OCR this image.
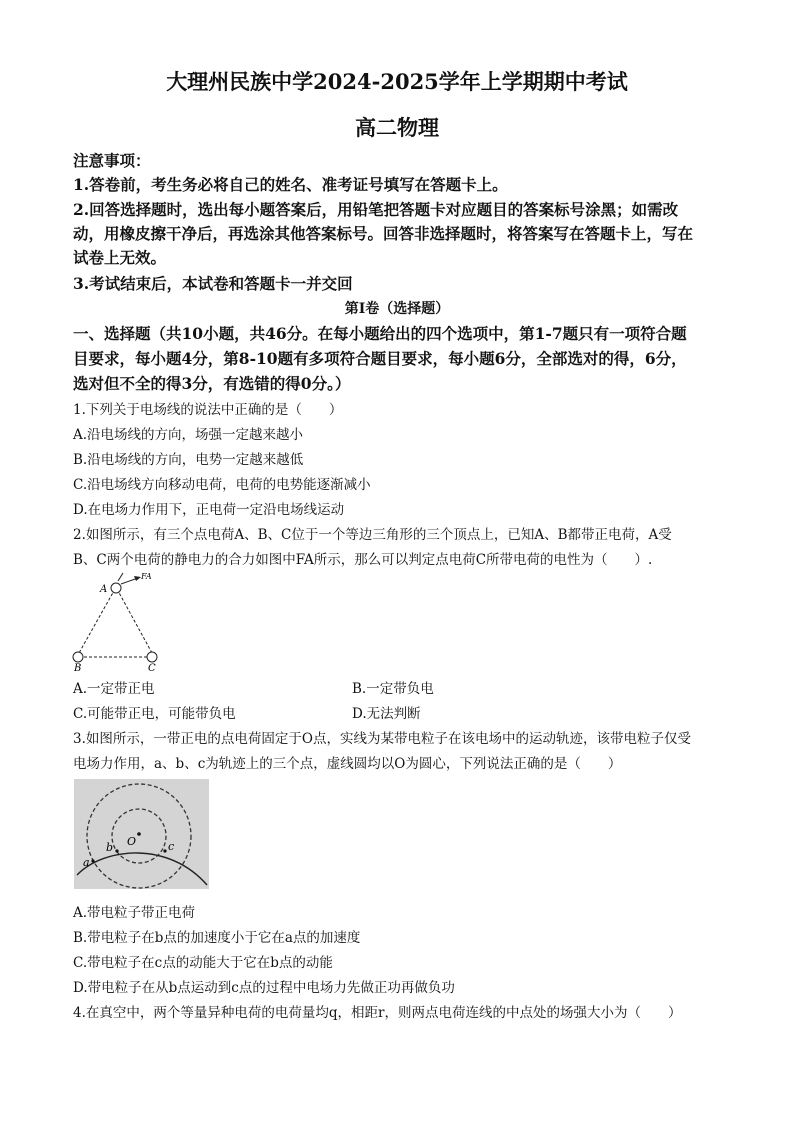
大理州民族中学2024-2025学年上学期期中考试
高二物理
注意事项：
1.答卷前，考生务必将自己的姓名、准考证号填写在答题卡上。
2.回答选择题时，选出每小题答案后，用铅笔把答题卡对应题目的答案标号涂黑；如需改
动，用橡皮擦干净后，再选涂其他答案标号。回答非选择题时，将答案写在答题卡上，写在
试卷上无效。
3.考试结束后，本试卷和答题卡一并交回
第Ⅰ卷（选择题）
一、选择题（共10小题，共46分。在每小题给出的四个选项中，第1-7题只有一项符合题
目要求，每小题4分，第8-10题有多项符合题目要求，每小题6分，全部选对的得，6分，
选对但不全的得3分，有选错的得0分。）
1.下列关于电场线的说法中正确的是（　　）
A.沿电场线的方向，场强一定越来越小
B.沿电场线的方向，电势一定越来越低
C.沿电场线方向移动电荷，电荷的电势能逐渐减小
D.在电场力作用下，正电荷一定沿电场线运动
2.如图所示，有三个点电荷A、B、C位于一个等边三角形的三个顶点上，已知A、B都带正电荷，A受
B、C两个电荷的静电力的合力如图中FA所示，那么可以判定点电荷C所带电荷的电性为（　　）.
A
B	C
FA
A.一定带正电	B.一定带负电
C.可能带正电，可能带负电	D.无法判断
3.如图所示，一带正电的点电荷固定于O点，实线为某带电粒子在该电场中的运动轨迹，该带电粒子仅受
电场力作用，a、b、c为轨迹上的三个点，虚线圆均以O为圆心，下列说法正确的是（　　）
O
a
b	c
A.带电粒子带正电荷
B.带电粒子在b点的加速度小于它在a点的加速度
C.带电粒子在c点的动能大于它在b点的动能
D.带电粒子在从b点运动到c点的过程中电场力先做正功再做负功
4.在真空中，两个等量异种电荷的电荷量均q，相距r，则两点电荷连线的中点处的场强大小为（　　）
